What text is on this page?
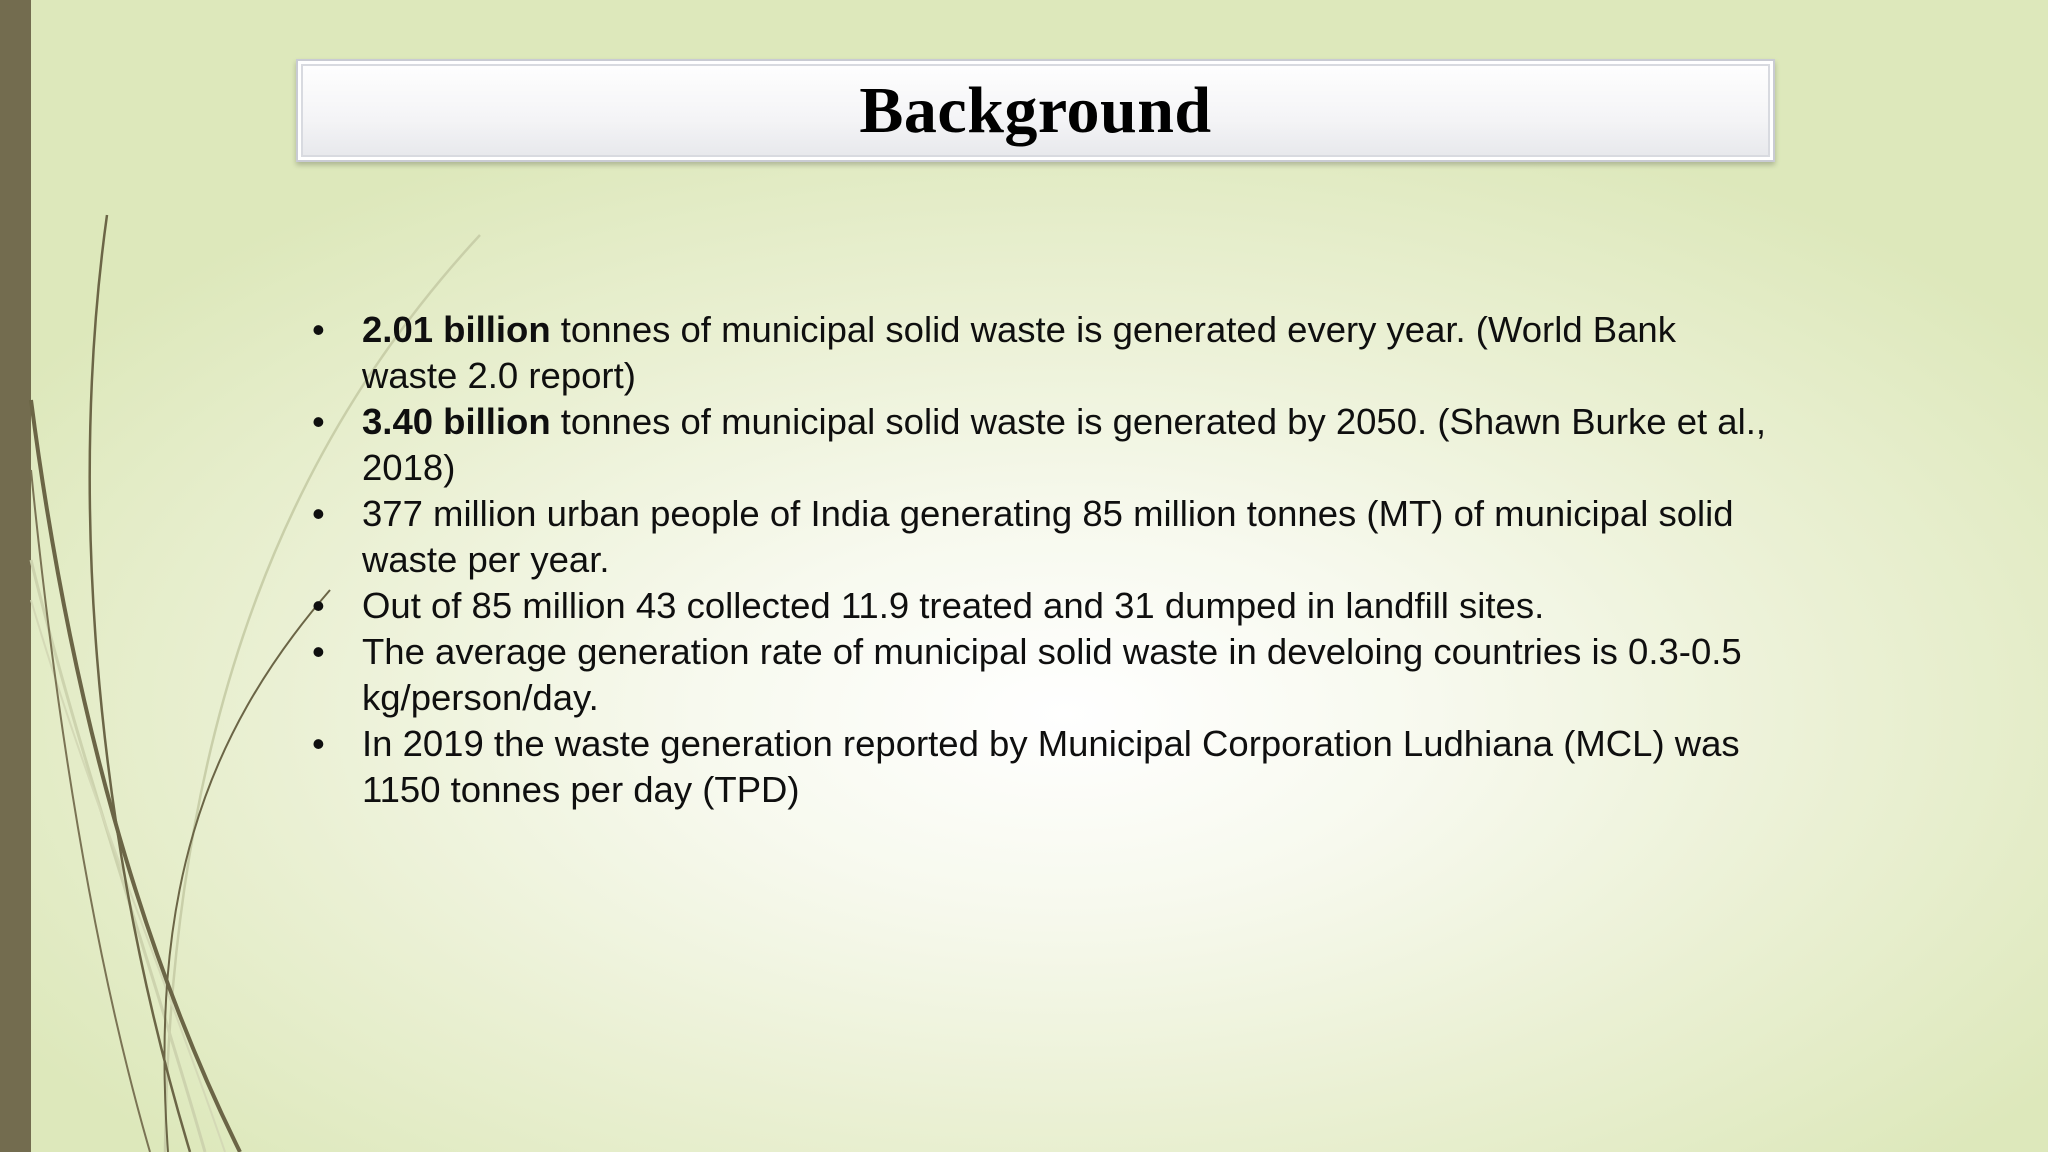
Background
• 2.01 billion tonnes of municipal solid waste is generated every year. (World Bank waste 2.0 report)
• 3.40 billion tonnes of municipal solid waste is generated by 2050. (Shawn Burke et al., 2018)
• 377 million urban people of India generating 85 million tonnes (MT) of municipal solid waste per year.
• Out of 85 million 43 collected 11.9 treated and 31 dumped in landfill sites.
• The average generation rate of municipal solid waste in develoing countries is 0.3-0.5 kg/person/day.
• In 2019 the waste generation reported by Municipal Corporation Ludhiana (MCL) was 1150 tonnes per day (TPD)
